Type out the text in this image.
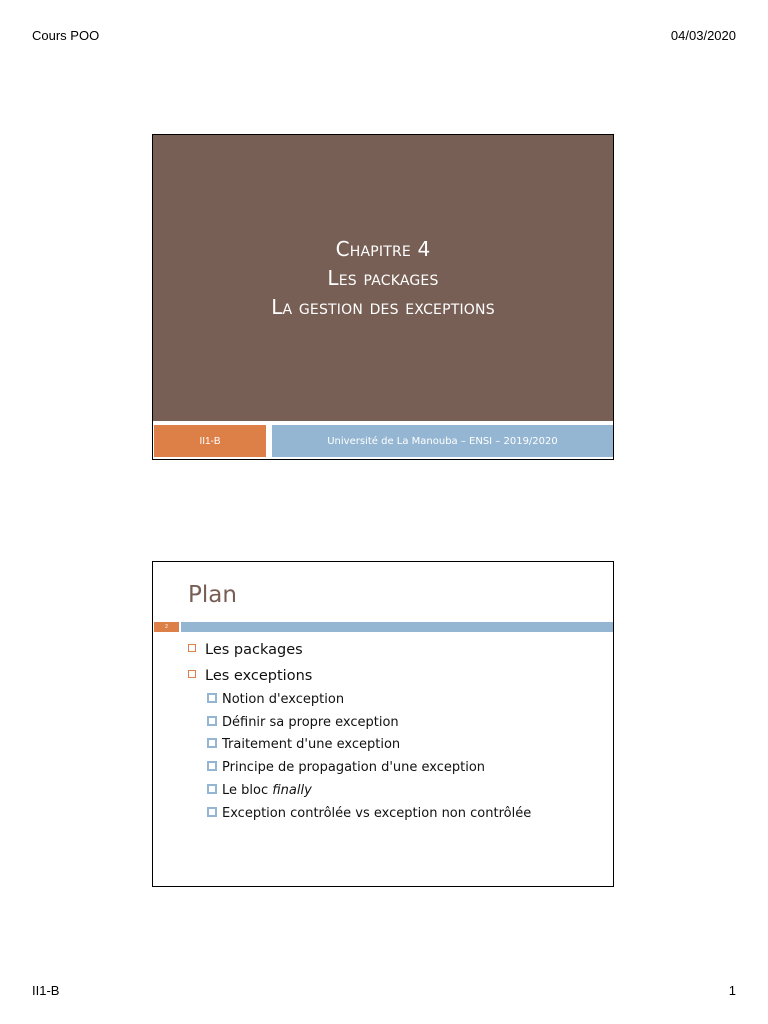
Cours POO	04/03/2020
Chapitre 4
Les packages
La gestion des exceptions
II1-B	Université de La Manouba – ENSI – 2019/2020
Plan
2
Les packages
Les exceptions
Notion d'exception
Définir sa propre exception
Traitement d'une exception
Principe de propagation d'une exception
Le bloc finally
Exception contrôlée vs exception non contrôlée
II1-B	1
